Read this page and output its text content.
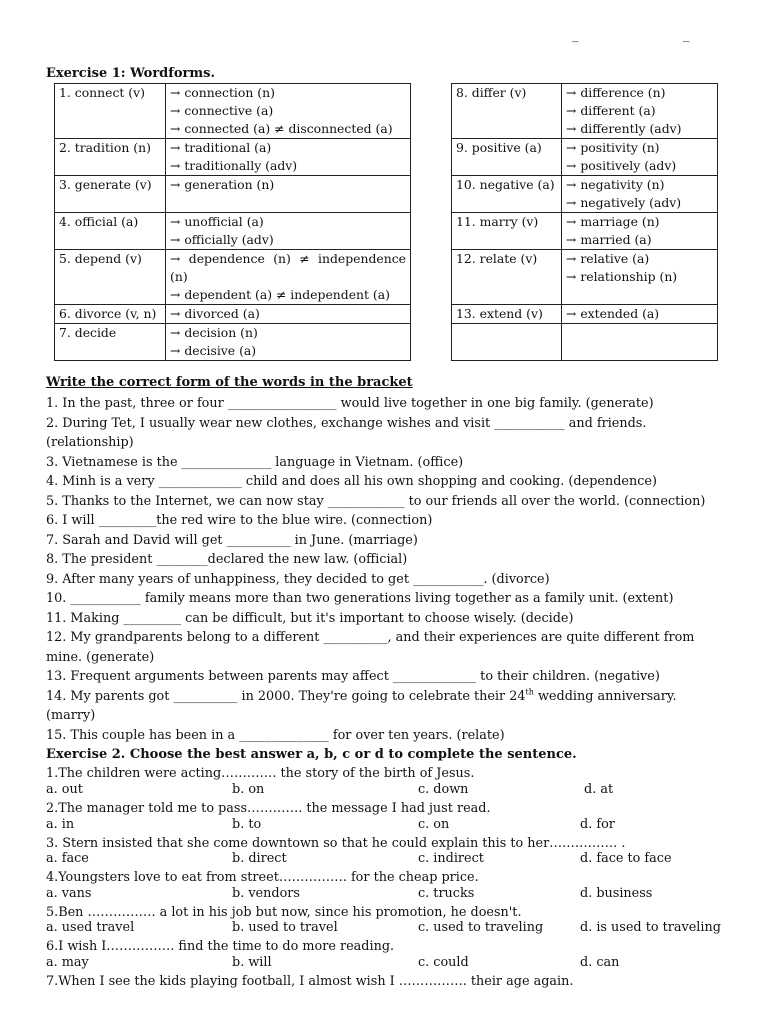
_	_
Exercise 1: Wordforms.
1. connect (v)	→ connection (n)
→ connective (a)
→ connected (a) ≠ disconnected (a)

2. tradition (n)	→ traditional (a)
→ traditionally (adv)

3. generate (v)	→ generation (n)

4. official (a)	→ unofficial (a)
→ officially (adv)

5. depend (v)	→ dependence (n) ≠ independence (n)
→ dependent (a) ≠ independent (a)

6. divorce (v, n)	→ divorced (a)

7. decide	→ decision (n)
→ decisive (a)
8. differ (v)	→ difference (n)
→ different (a)
→ differently (adv)

9. positive (a)	→ positivity (n)
→ positively (adv)

10. negative (a)	→ negativity (n)
→ negatively (adv)

11. marry (v)	→ marriage (n)
→ married (a)

12. relate (v)	→ relative (a)
→ relationship (n)

13. extend (v)	→ extended (a)

Write the correct form of the words in the bracket
1. In the past, three or four _________________ would live together in one big family. (generate)
2. During Tet, I usually wear new clothes, exchange wishes and visit ___________ and friends.
(relationship)
3. Vietnamese is the ______________ language in Vietnam. (office)
4. Minh is a very _____________ child and does all his own shopping and cooking. (dependence)
5. Thanks to the Internet, we can now stay ____________ to our friends all over the world. (connection)
6. I will _________the red wire to the blue wire. (connection)
7. Sarah and David will get __________ in June. (marriage)
8. The president ________declared the new law. (official)
9. After many years of unhappiness, they decided to get ___________. (divorce)
10. ___________ family means more than two generations living together as a family unit. (extent)
11. Making _________ can be difficult, but it's important to choose wisely. (decide)
12. My grandparents belong to a different __________, and their experiences are quite different from
mine. (generate)
13. Frequent arguments between parents may affect _____________ to their children. (negative)
14. My parents got __________ in 2000. They're going to celebrate their 24th wedding anniversary.
(marry)
15. This couple has been in a ______________ for over ten years. (relate)
Exercise 2. Choose the best answer a, b, c or d to complete the sentence.
1.The children were acting…………. the story of the birth of Jesus.
a. out	b. on	c. down	d. at
2.The manager told me to pass…………. the message I had just read.
a. in	b. to	c. on	d. for
3. Stern insisted that she come downtown so that he could explain this to her……………. .
a. face	b. direct	c. indirect	d. face to face
4.Youngsters love to eat from street……………. for the cheap price.
a. vans	b. vendors	c. trucks	d. business
5.Ben ……………. a lot in his job but now, since his promotion, he doesn't.
a. used travel	b. used to travel	c. used to traveling	d. is used to traveling
6.I wish I……………. find the time to do more reading.
a. may	b. will	c. could	d. can
7.When I see the kids playing football, I almost wish I ……………. their age again.
